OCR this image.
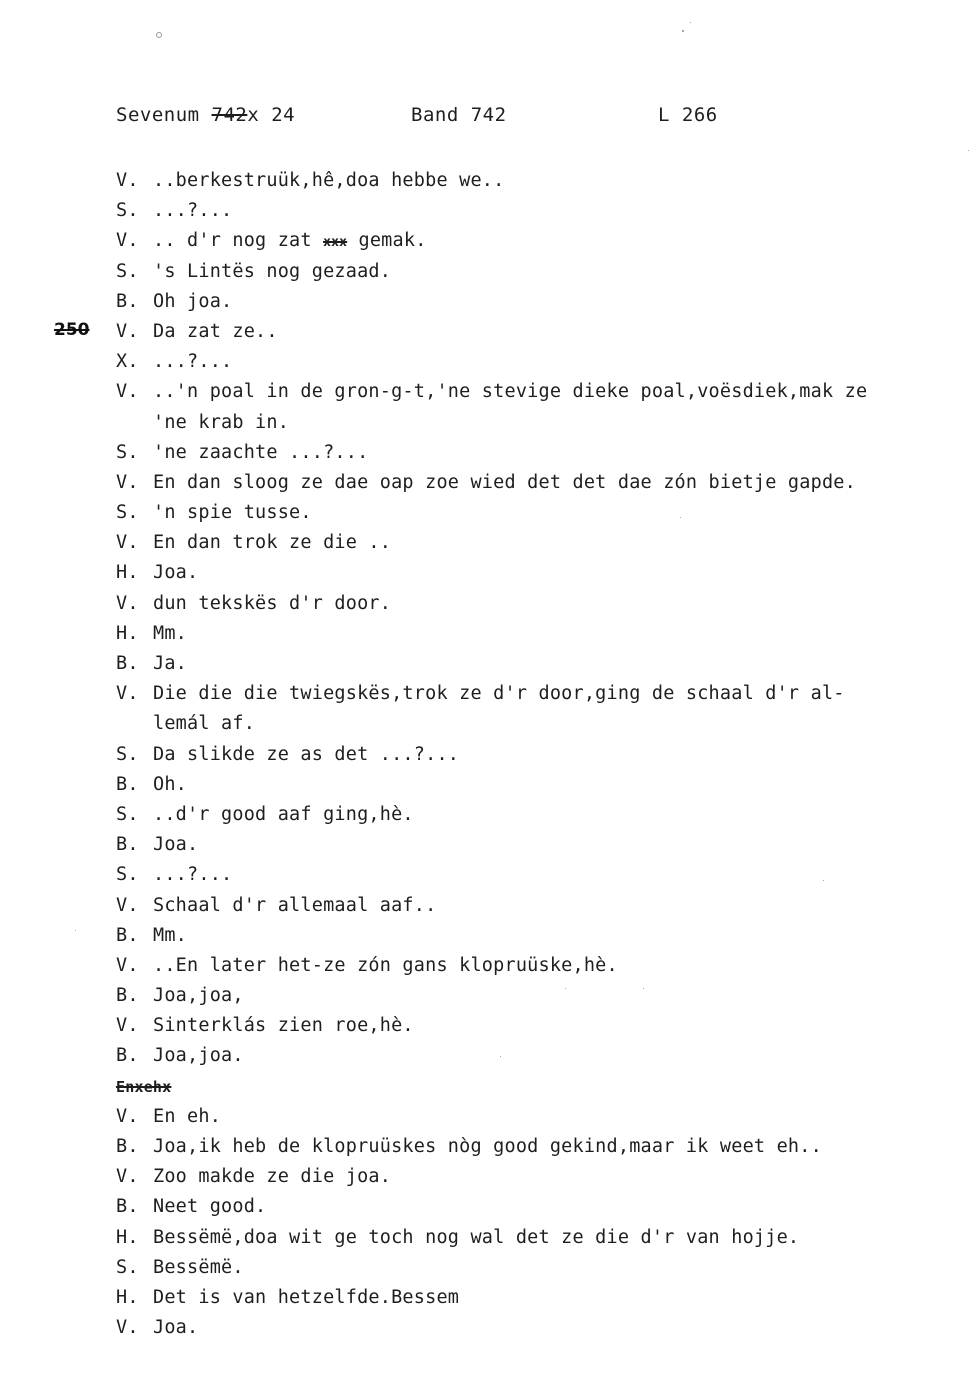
Sevenum 742x 24	Band 742	L 266
250
V. ..berkestruük,hê,doa hebbe we..
S. ...?...
V. .. d'r nog zat xxx gemak.
S. 's Lintës nog gezaad.
B. Oh joa.
V. Da zat ze..
X. ...?...
V. ..'n poal in de gron-g-t,'ne stevige dieke poal,voësdiek,mak ze
'ne krab in.
S. 'ne zaachte ...?...
V. En dan sloog ze dae oap zoe wied det det dae zón bietje gapde.
S. 'n spie tusse.
V. En dan trok ze die ..
H. Joa.
V. dun tekskës d'r door.
H. Mm.
B. Ja.
V. Die die die twiegskës,trok ze d'r door,ging de schaal d'r al-
lemál af.
S. Da slikde ze as det ...?...
B. Oh.
S. ..d'r good aaf ging,hè.
B. Joa.
S. ...?...
V. Schaal d'r allemaal aaf..
B. Mm.
V. ..En later het-ze zón gans klopruüske,hè.
B. Joa,joa,
V. Sinterklás zien roe,hè.
B. Joa,joa.
Enxehx
V. En eh.
B. Joa,ik heb de klopruüskes nòg good gekind,maar ik weet eh..
V. Zoo makde ze die joa.
B. Neet good.
H. Bessëmë,doa wit ge toch nog wal det ze die d'r van hojje.
S. Bessëmë.
H. Det is van hetzelfde.Bessem
V. Joa.
